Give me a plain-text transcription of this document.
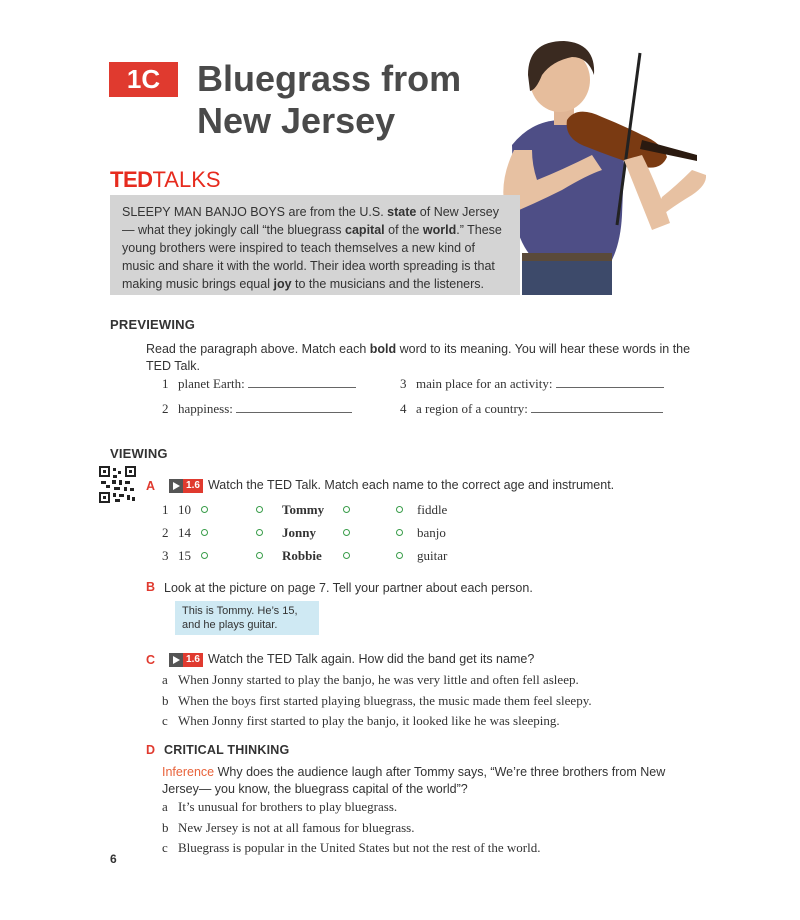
1C	Bluegrass from
New Jersey
TEDTALKS

SLEEPY MAN BANJO BOYS are from the U.S. state of New Jersey— what they jokingly call “the bluegrass capital of the world.” These young brothers were inspired to teach themselves a new kind of music and share it with the world. Their idea worth spreading is that making music brings equal joy to the musicians and the listeners.

PREVIEWING
Read the paragraph above. Match each bold word to its meaning. You will hear these words in the TED Talk.
1 planet Earth:
2 happiness:
3 main place for an activity:
4 a region of a country:
VIEWING
A	1.6 Watch the TED Talk. Match each name to the correct age and instrument.
1 10
2 14
3 15
Tommy
Jonny
Robbie
fiddle
banjo
guitar
B Look at the picture on page 7. Tell your partner about each person.
This is Tommy. He’s 15,
and he plays guitar.
C	1.6 Watch the TED Talk again. How did the band get its name?
a When Jonny started to play the banjo, he was very little and often fell asleep.
b When the boys first started playing bluegrass, the music made them feel sleepy.
c When Jonny first started to play the banjo, it looked like he was sleeping.
D CRITICAL THINKING
Inference Why does the audience laugh after Tommy says, “We’re three brothers from New Jersey— you know, the bluegrass capital of the world”?
a It’s unusual for brothers to play bluegrass.
b New Jersey is not at all famous for bluegrass.
c Bluegrass is popular in the United States but not the rest of the world.
6
